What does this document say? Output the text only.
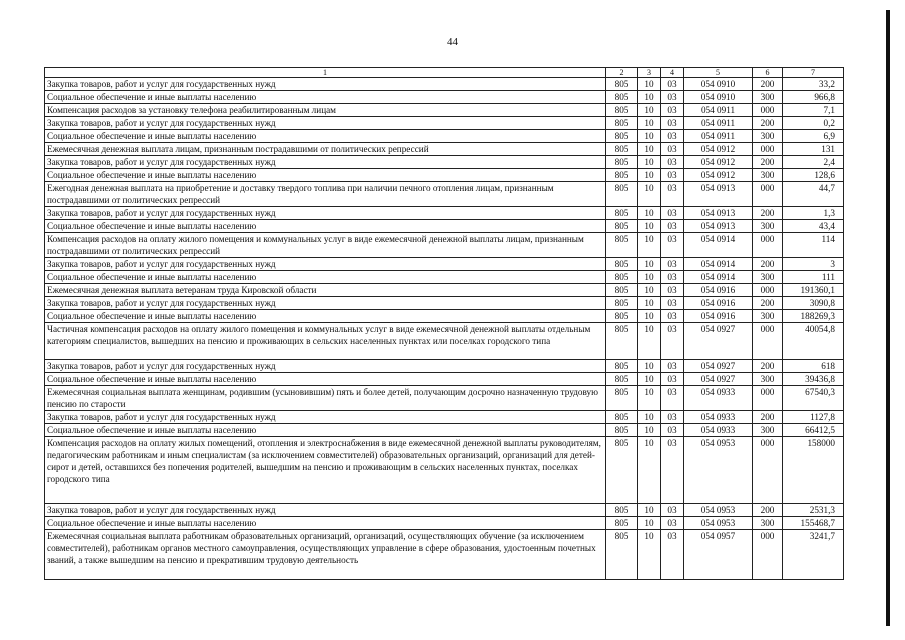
44
1	2	3	4	5	6	7
Закупка товаров, работ и услуг для государственных нужд	805	10	03	054 0910	200	33,2
Социальное обеспечение и иные выплаты населению	805	10	03	054 0910	300	966,8
Компенсация расходов за установку телефона реабилитированным лицам	805	10	03	054 0911	000	7,1
Закупка товаров, работ и услуг для государственных нужд	805	10	03	054 0911	200	0,2
Социальное обеспечение и иные выплаты населению	805	10	03	054 0911	300	6,9
Ежемесячная денежная выплата лицам, признанным пострадавшими от политических репрессий	805	10	03	054 0912	000	131
Закупка товаров, работ и услуг для государственных нужд	805	10	03	054 0912	200	2,4
Социальное обеспечение и иные выплаты населению	805	10	03	054 0912	300	128,6
Ежегодная денежная выплата на приобретение и доставку твердого топлива при наличии печного отопления лицам, признанным пострадавшими от политических репрессий	805	10	03	054 0913	000	44,7
Закупка товаров, работ и услуг для государственных нужд	805	10	03	054 0913	200	1,3
Социальное обеспечение и иные выплаты населению	805	10	03	054 0913	300	43,4
Компенсация расходов на оплату жилого помещения и коммунальных услуг в виде ежемесячной денежной выплаты лицам, признанным пострадавшими от политических репрессий	805	10	03	054 0914	000	114
Закупка товаров, работ и услуг для государственных нужд	805	10	03	054 0914	200	3
Социальное обеспечение и иные выплаты населению	805	10	03	054 0914	300	111
Ежемесячная денежная выплата ветеранам труда Кировской области	805	10	03	054 0916	000	191360,1
Закупка товаров, работ и услуг для государственных нужд	805	10	03	054 0916	200	3090,8
Социальное обеспечение и иные выплаты населению	805	10	03	054 0916	300	188269,3
Частичная компенсация расходов на оплату жилого помещения и коммунальных услуг в виде ежемесячной денежной выплаты отдельным категориям специалистов, вышедших на пенсию и проживающих в сельских населенных пунктах или поселках городского типа	805	10	03	054 0927	000	40054,8
Закупка товаров, работ и услуг для государственных нужд	805	10	03	054 0927	200	618
Социальное обеспечение и иные выплаты населению	805	10	03	054 0927	300	39436,8
Ежемесячная социальная выплата женщинам, родившим (усыновившим) пять и более детей, получающим досрочно назначенную трудовую пенсию по старости	805	10	03	054 0933	000	67540,3
Закупка товаров, работ и услуг для государственных нужд	805	10	03	054 0933	200	1127,8
Социальное обеспечение и иные выплаты населению	805	10	03	054 0933	300	66412,5
Компенсация расходов на оплату жилых помещений, отопления и электроснабжения в виде ежемесячной денежной выплаты руководителям, педагогическим работникам и иным специалистам (за исключением совместителей) образовательных организаций, организаций для детей-сирот и детей, оставшихся без попечения родителей, вышедшим на пенсию и проживающим в сельских населенных пунктах, поселках городского типа	805	10	03	054 0953	000	158000
Закупка товаров, работ и услуг для государственных нужд	805	10	03	054 0953	200	2531,3
Социальное обеспечение и иные выплаты населению	805	10	03	054 0953	300	155468,7
Ежемесячная социальная выплата работникам образовательных организаций, организаций, осуществляющих обучение (за исключением совместителей), работникам органов местного самоуправления, осуществляющих управление в сфере образования, удостоенным почетных званий, а также вышедшим на пенсию и прекратившим трудовую деятельность	805	10	03	054 0957	000	3241,7
